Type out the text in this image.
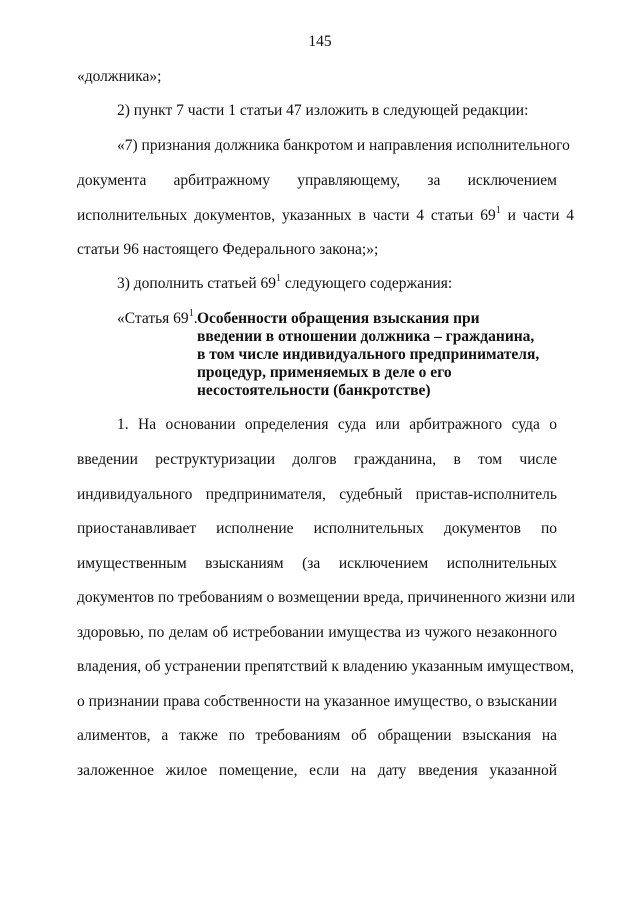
145
«должника»;
2) пункт 7 части 1 статьи 47 изложить в следующей редакции:
«7) признания должника банкротом и направления исполнительного
документа арбитражному управляющему, за исключением
исполнительных документов, указанных в части 4 статьи $69^1$ и части 4
статьи 96 настоящего Федерального закона;»;
3) дополнить статьей $69^1$ следующего содержания:
«Статья $69^1$. Особенности обращения взыскания при
введении в отношении должника – гражданина,
в том числе индивидуального предпринимателя,
процедур, применяемых в деле о его
несостоятельности (банкротстве)
1. На основании определения суда или арбитражного суда о
введении реструктуризации долгов гражданина, в том числе
индивидуального предпринимателя, судебный пристав-исполнитель
приостанавливает исполнение исполнительных документов по
имущественным взысканиям (за исключением исполнительных
документов по требованиям о возмещении вреда, причиненного жизни или
здоровью, по делам об истребовании имущества из чужого незаконного
владения, об устранении препятствий к владению указанным имуществом,
о признании права собственности на указанное имущество, о взыскании
алиментов, а также по требованиям об обращении взыскания на
заложенное жилое помещение, если на дату введения указанной
